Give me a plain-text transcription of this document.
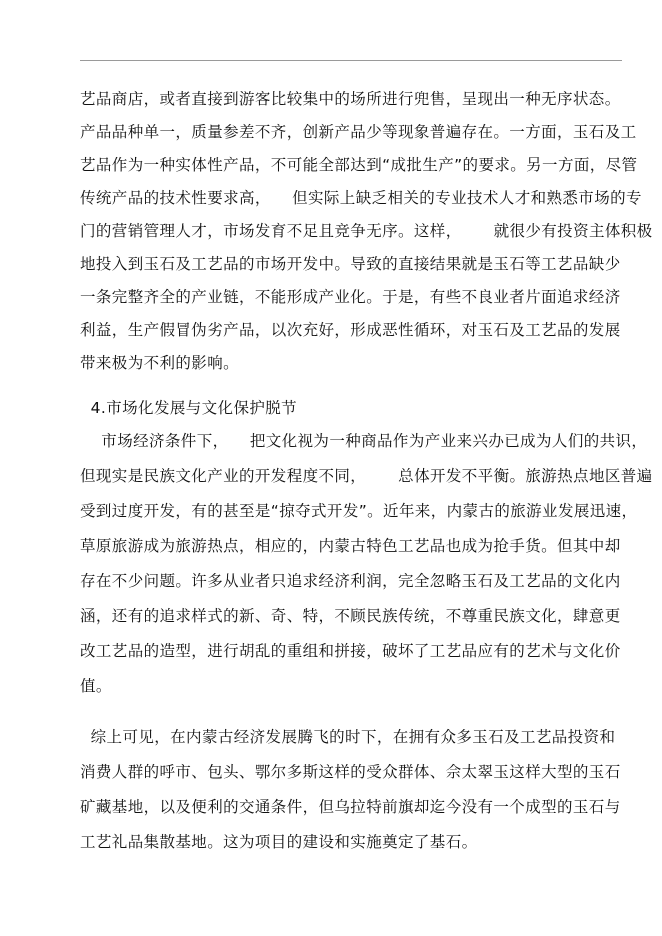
艺品商店，或者直接到游客比较集中的场所进行兜售，呈现出一种无序状态。
产品品种单一，质量参差不齐，创新产品少等现象普遍存在。一方面，玉石及工
艺品作为一种实体性产品，不可能全部达到“成批生产”的要求。另一方面，尽管
传统产品的技术性要求高，    但实际上缺乏相关的专业技术人才和熟悉市场的专
门的营销管理人才，市场发育不足且竞争无序。这样，      就很少有投资主体积极
地投入到玉石及工艺品的市场开发中。导致的直接结果就是玉石等工艺品缺少
一条完整齐全的产业链，不能形成产业化。于是，有些不良业者片面追求经济
利益，生产假冒伪劣产品，以次充好，形成恶性循环，对玉石及工艺品的发展
带来极为不利的影响。
4.市场化发展与文化保护脱节
市场经济条件下，    把文化视为一种商品作为产业来兴办已成为人们的共识，
但现实是民族文化产业的开发程度不同，      总体开发不平衡。旅游热点地区普遍
受到过度开发，有的甚至是“掠夺式开发”。近年来，内蒙古的旅游业发展迅速，
草原旅游成为旅游热点，相应的，内蒙古特色工艺品也成为抢手货。但其中却
存在不少问题。许多从业者只追求经济利润，完全忽略玉石及工艺品的文化内
涵，还有的追求样式的新、奇、特，不顾民族传统，不尊重民族文化，肆意更
改工艺品的造型，进行胡乱的重组和拼接，破坏了工艺品应有的艺术与文化价
值。
综上可见，在内蒙古经济发展腾飞的时下，在拥有众多玉石及工艺品投资和
消费人群的呼市、包头、鄂尔多斯这样的受众群体、佘太翠玉这样大型的玉石
矿藏基地，以及便利的交通条件，但乌拉特前旗却迄今没有一个成型的玉石与
工艺礼品集散基地。这为项目的建设和实施奠定了基石。
